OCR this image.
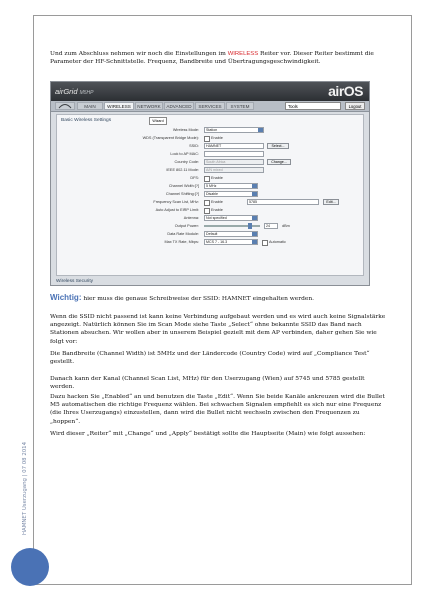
Und zum Abschluss nehmen wir noch die Einstellungen im WIRELESS Reiter vor. Dieser Reiter bestimmt die Parameter der HF-Schnittstelle. Frequenz, Bandbreite und Übertragungsgeschwindigkeit.

airGrid M5HP	airOS
MAIN	WIRELESS	NETWORK	ADVANCED	SERVICES	SYSTEM	Tools	Logout
Basic Wireless Settings	Wizard
Wireless Mode:	Station
WDS (Transparent Bridge Mode):	Enable
SSID:	HAMNET	Select...
Lock to AP MAC:
Country Code:	South Africa	Change...
IEEE 802.11 Mode:	A/N mixed
DFS:	Enable
Channel Width:[?]	5 MHz
Channel Shifting:[?]	Disable
Frequency Scan List, MHz:	Enable	5785	Edit...
Auto Adjust to EIRP Limit:	Enable
Antenna:	Not specified
Output Power:	24	dBm
Data Rate Module:	Default
Max TX Rate, Mbps:	MCS 7 - 16.3	Automatic
Wireless Security

Wichtig: hier muss die genaue Schreibweise der SSID: HAMNET eingehalten werden.

Wenn die SSID nicht passend ist kann keine Verbindung aufgebaut werden und es wird auch keine Signalstärke angezeigt. Natürlich können Sie im Scan Mode siehe Taste „Select“ ohne bekannte SSID das Band nach Stationen absuchen. Wir wollen aber in unserem Beispiel gezielt mit dem AP verbinden, daher gehen Sie wie folgt vor:

Die Bandbreite (Channel Width) ist 5MHz und der Ländercode (Country Code) wird auf „Compliance Test“ gestellt.

Danach kann der Kanal (Channel Scan List, MHz) für den Userzugang (Wien) auf 5745 und 5785 gestellt werden.

Dazu hacken Sie „Enabled“ an und benutzen die Taste „Edit“. Wenn Sie beide Kanäle ankreuzen wird die Bullet M5 automatischen die richtige Frequenz wählen. Bei schwachen Signalen empfiehlt es sich nur eine Frequenz (die Ihres Userzugangs) einzustellen, dann wird die Bullet nicht wechseln zwischen den Frequenzen zu „hoppen“.

Wird dieser „Reiter“ mit „Change“ und „Apply“ bestätigt sollte die Hauptseite (Main) wie folgt aussehen:

HAMNET Userzugang | 07 08 2014
